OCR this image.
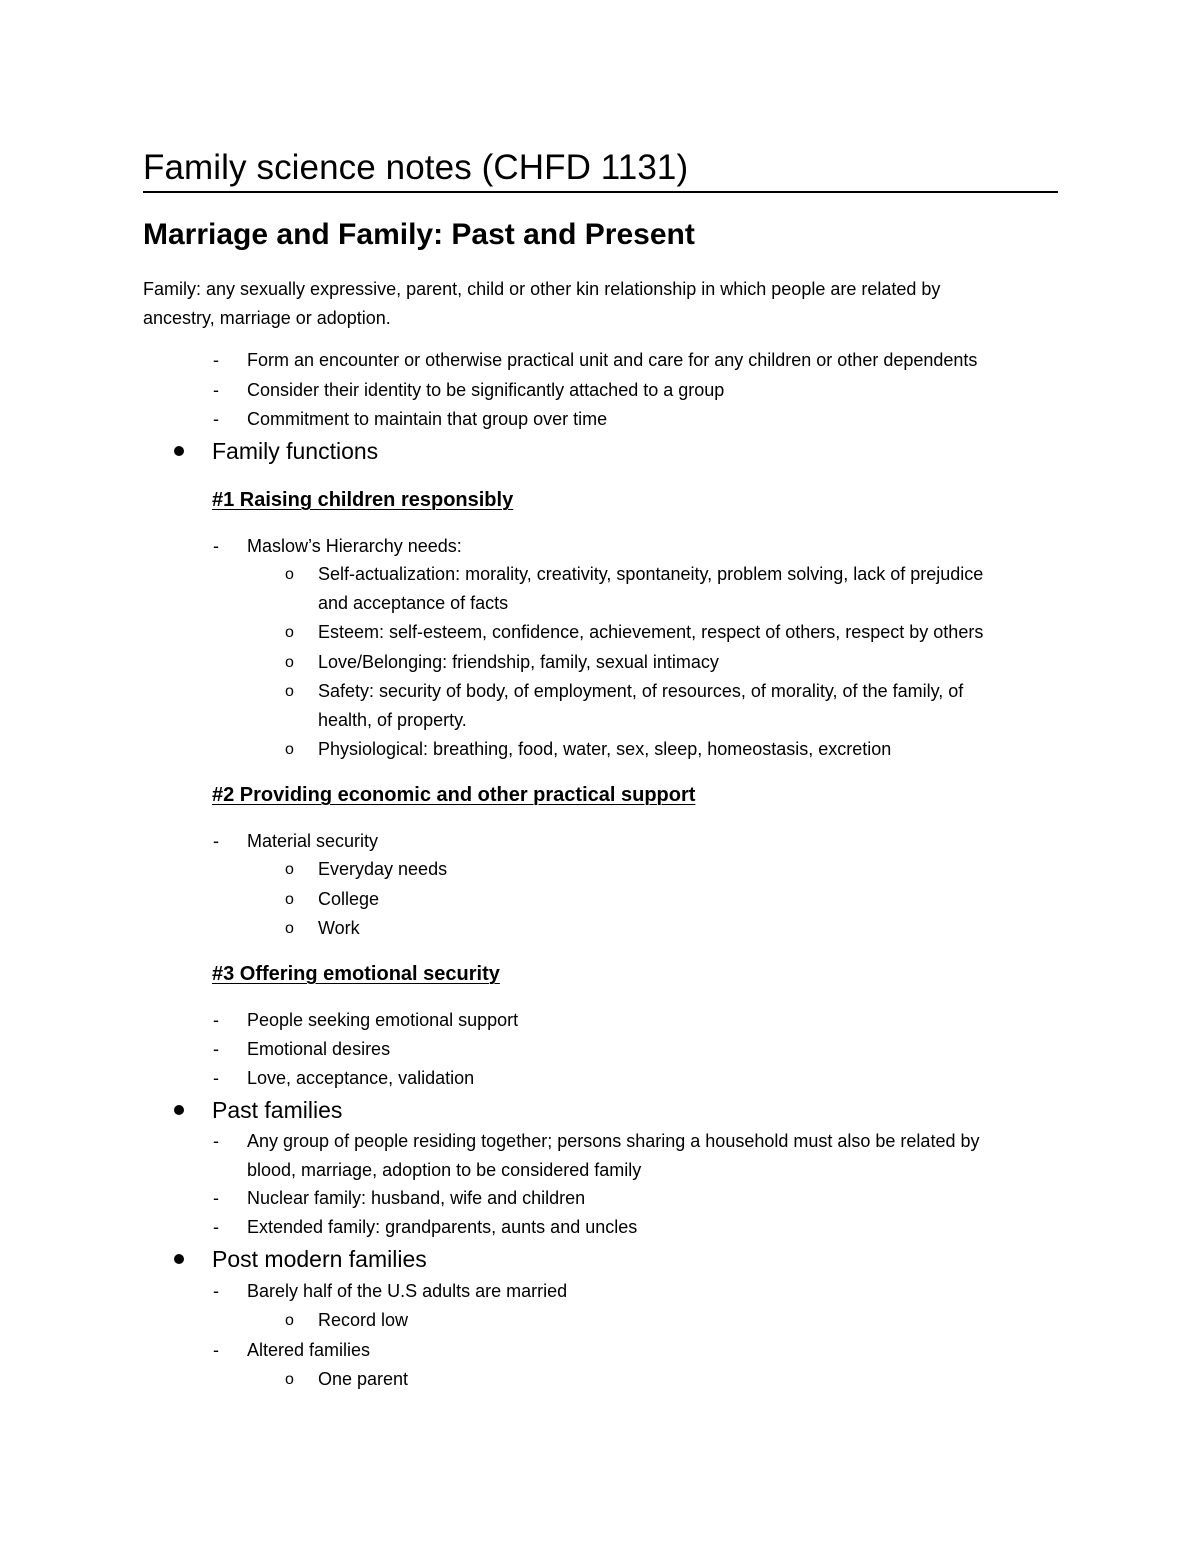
Family science notes (CHFD 1131)
Marriage and Family: Past and Present
Family: any sexually expressive, parent, child or other kin relationship in which people are related by
ancestry, marriage or adoption.
- Form an encounter or otherwise practical unit and care for any children or other dependents
- Consider their identity to be significantly attached to a group
- Commitment to maintain that group over time
Family functions
#1 Raising children responsibly
- Maslow’s Hierarchy needs:
o Self-actualization: morality, creativity, spontaneity, problem solving, lack of prejudice
and acceptance of facts
o Esteem: self-esteem, confidence, achievement, respect of others, respect by others
o Love/Belonging: friendship, family, sexual intimacy
o Safety: security of body, of employment, of resources, of morality, of the family, of
health, of property.
o Physiological: breathing, food, water, sex, sleep, homeostasis, excretion
#2 Providing economic and other practical support
- Material security
o Everyday needs
o College
o Work
#3 Offering emotional security
- People seeking emotional support
- Emotional desires
- Love, acceptance, validation
Past families
- Any group of people residing together; persons sharing a household must also be related by
blood, marriage, adoption to be considered family
- Nuclear family: husband, wife and children
- Extended family: grandparents, aunts and uncles
Post modern families
- Barely half of the U.S adults are married
o Record low
- Altered families
o One parent
